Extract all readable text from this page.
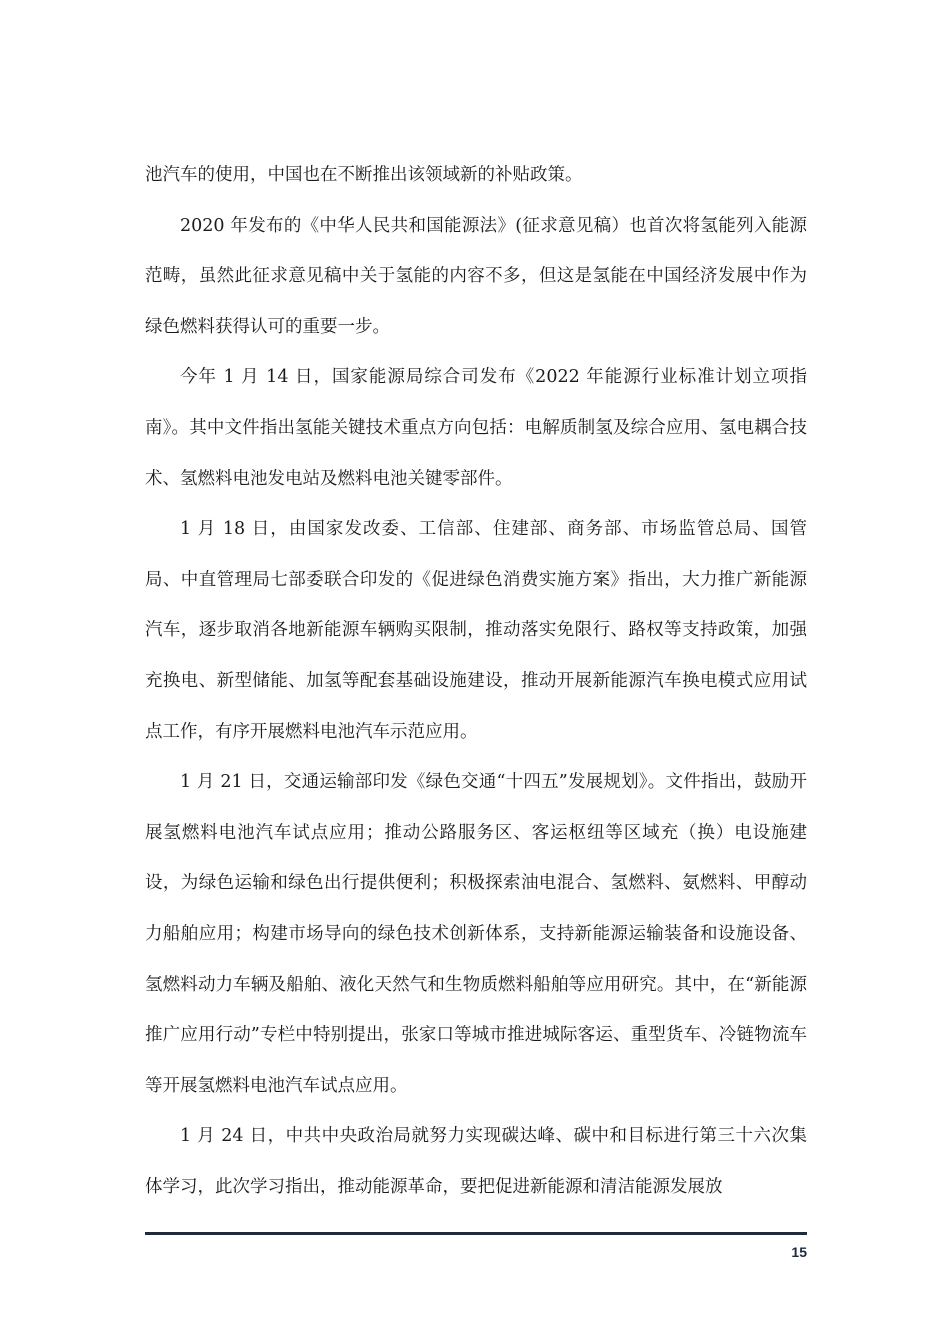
池汽车的使用，中国也在不断推出该领域新的补贴政策。

2020 年发布的《中华人民共和国能源法》(征求意见稿）也首次将氢能列入能源范畴，虽然此征求意见稿中关于氢能的内容不多，但这是氢能在中国经济发展中作为绿色燃料获得认可的重要一步。

今年 1 月 14 日，国家能源局综合司发布《2022 年能源行业标准计划立项指南》。其中文件指出氢能关键技术重点方向包括：电解质制氢及综合应用、氢电耦合技术、氢燃料电池发电站及燃料电池关键零部件。

1 月 18 日，由国家发改委、工信部、住建部、商务部、市场监管总局、国管局、中直管理局七部委联合印发的《促进绿色消费实施方案》指出，大力推广新能源汽车，逐步取消各地新能源车辆购买限制，推动落实免限行、路权等支持政策，加强充换电、新型储能、加氢等配套基础设施建设，推动开展新能源汽车换电模式应用试点工作，有序开展燃料电池汽车示范应用。

1 月 21 日，交通运输部印发《绿色交通“十四五”发展规划》。文件指出，鼓励开展氢燃料电池汽车试点应用；推动公路服务区、客运枢纽等区域充（换）电设施建设，为绿色运输和绿色出行提供便利；积极探索油电混合、氢燃料、氨燃料、甲醇动力船舶应用；构建市场导向的绿色技术创新体系，支持新能源运输装备和设施设备、氢燃料动力车辆及船舶、液化天然气和生物质燃料船舶等应用研究。其中，在“新能源推广应用行动”专栏中特别提出，张家口等城市推进城际客运、重型货车、冷链物流车等开展氢燃料电池汽车试点应用。

1 月 24 日，中共中央政治局就努力实现碳达峰、碳中和目标进行第三十六次集体学习，此次学习指出，推动能源革命，要把促进新能源和清洁能源发展放

15
